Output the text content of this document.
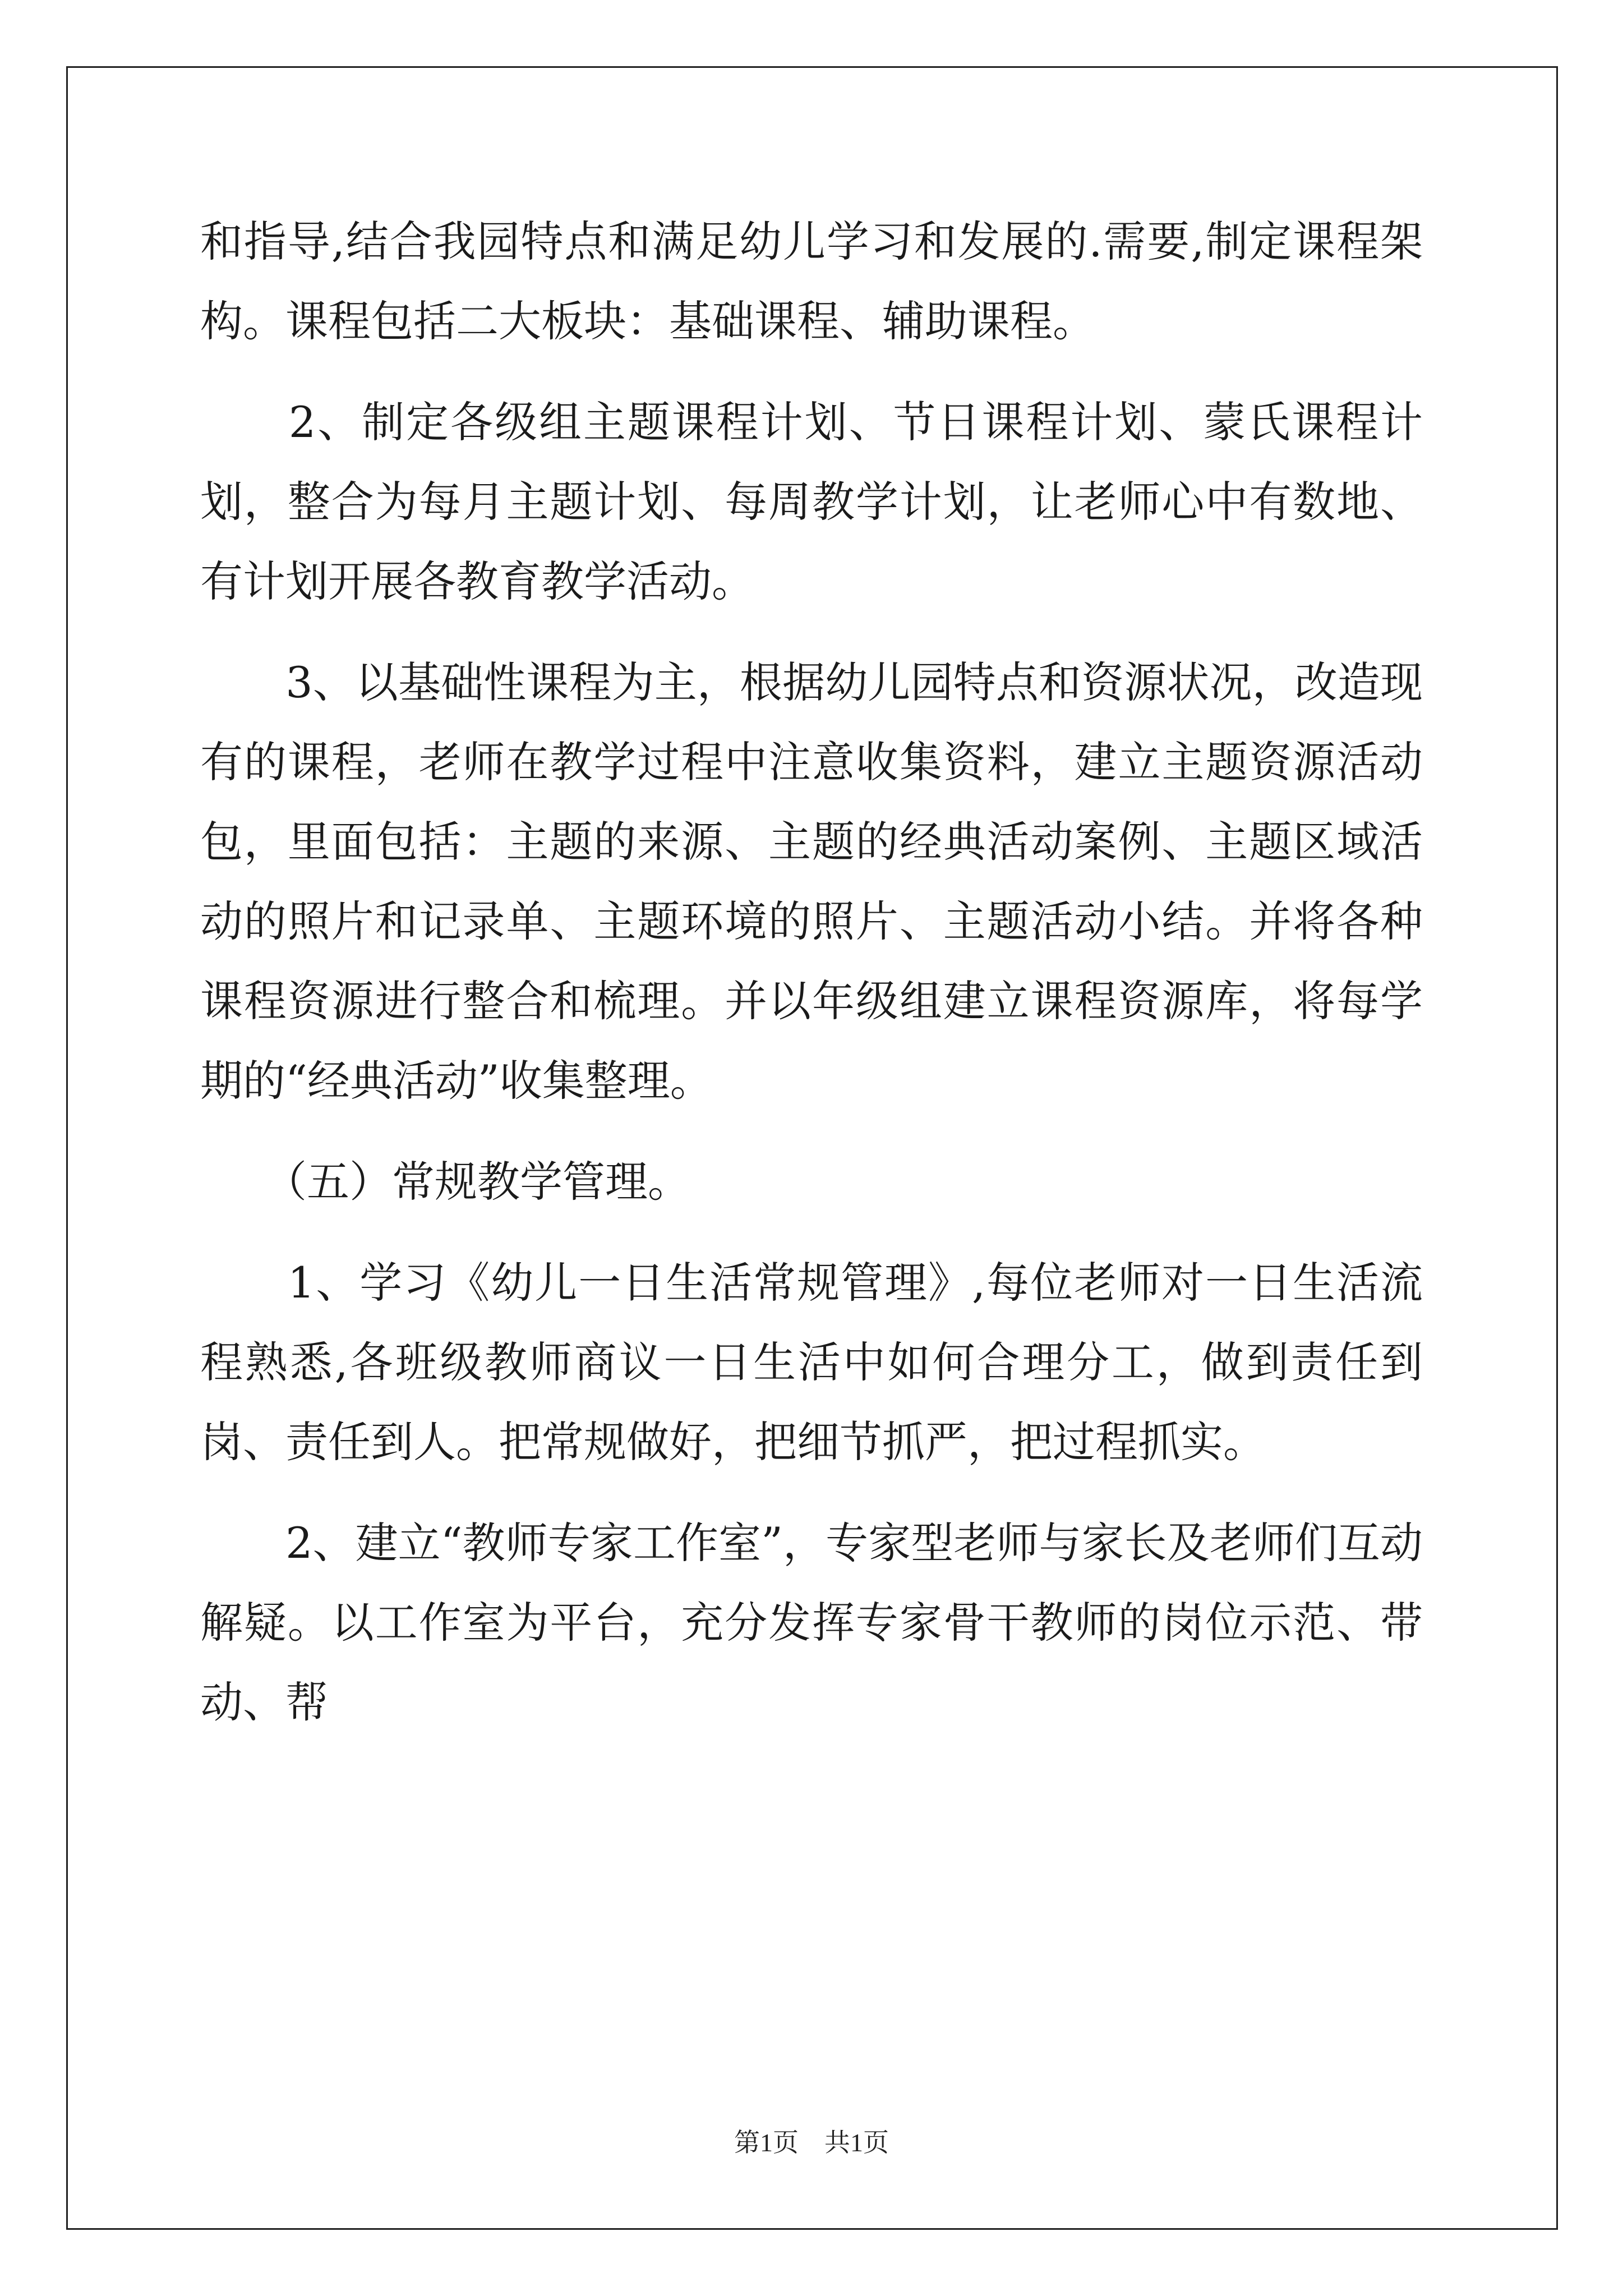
和指导,结合我园特点和满足幼儿学习和发展的.需要,制定课程架构。课程包括二大板块：基础课程、辅助课程。

　　2、制定各级组主题课程计划、节日课程计划、蒙氏课程计划，整合为每月主题计划、每周教学计划，让老师心中有数地、有计划开展各教育教学活动。

　　3、以基础性课程为主，根据幼儿园特点和资源状况，改造现有的课程，老师在教学过程中注意收集资料，建立主题资源活动包，里面包括：主题的来源、主题的经典活动案例、主题区域活动的照片和记录单、主题环境的照片、主题活动小结。并将各种课程资源进行整合和梳理。并以年级组建立课程资源库，将每学期的“经典活动”收集整理。

　　（五）常规教学管理。

　　1、学习《幼儿一日生活常规管理》,每位老师对一日生活流程熟悉,各班级教师商议一日生活中如何合理分工，做到责任到岗、责任到人。把常规做好，把细节抓严，把过程抓实。

　　2、建立“教师专家工作室”，专家型老师与家长及老师们互动解疑。以工作室为平台，充分发挥专家骨干教师的岗位示范、带动、帮

第1页　共1页
